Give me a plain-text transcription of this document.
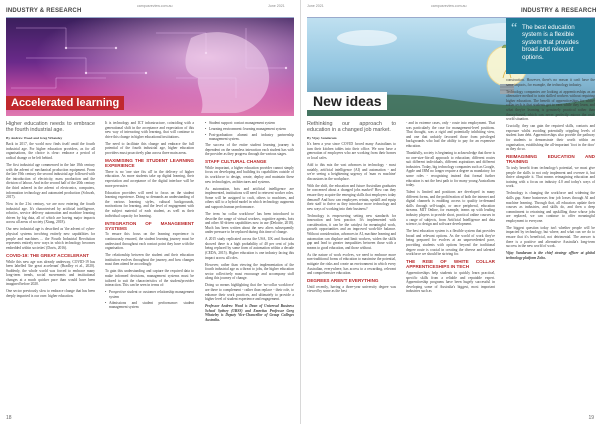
INDUSTRY & RESEARCH
campusreview.com.au	June 2021
Accelerated learning
Higher education needs to embrace the fourth industrial age.
By Andrew Wood and Greg Whateley

Back in 2017, the world now finds itself amid the fourth industrial age. For higher education providers, as for all organisations, the choice is clear: embrace a period of radical change or be left behind.

The first industrial age commenced in the late 18th century with the advent of mechanical production equipment. From the late 19th century the second industrial age followed with the introduction of electricity, mass production and the division of labour. And in the second half of the 20th century the third ushered in the advent of electronics, computers, information technology and automated production (Schwab, 2017).

Now in the 21st century, we are now entering the fourth industrial age. It's characterised by artificial intelligence, robotics, service delivery automation and machine learning driven by big data, all of which are having major impacts across all areas of society (Xiang, 2018).

Our new industrial age is described as 'the advent of cyber-physical systems involving entirely new capabilities for people and machines ... the Fourth Industrial Revolution represents entirely new ways in which technology becomes embedded within societies' (Davis, 2016).

COVID-19: THE GREAT ACCELERANT

While this new age was already underway, COVID-19 has been labelled 'the great accelerant' (Bradley et al., 2020). Suddenly, the whole world was forced to embrace many long-term trends, social movements and institutional changes at a much quicker pace than would have been imagined before 2020.

One sector previously slow to embrace change that has been deeply impacted is our own: higher education.

It is technology and ICT infrastructure, coinciding with a generational shift in the acceptance and expectation of this new way of interacting with learning, that will continue to drive this change in higher educational institutions.

The need to facilitate this change and embrace the full potential of the fourth industrial age, higher education providers must proactively plan across three main areas.

MAXIMISING THE STUDENT LEARNING EXPERIENCE

There is no 'one size fits all' in the delivery of higher education. As more students take up digital learning, their expectation and acceptance of the digital interface will be more pervasive.

Education providers will need to focus on the student learning experience. Doing so demands an understanding of the various learning styles, cultural backgrounds, motivations for learning, and the level of engagement with the subject material of each student, as well as their individual capacity for learning.

INTEGRATION OF MANAGEMENT SYSTEMS

To ensure this focus on the learning experience is continuously ensured, the student learning journey must be understood throughout each contact point they have with the organisation.

The relationship between the student and their education institution evolves throughout the journey, and how changes must then attend be accordingly.

To gain this understanding and capture the required data to make informed decisions, management systems must be tailored to suit the characteristics of the student/provider interaction. This can be seen in terms of:

• Prospective student or customer relationship management system
• Admissions and student performance: student management system
• Student support: contact management system
• Learning environment: learning management system
• Post-graduation: alumni and industry partnership management system.

The success of the entire student learning journey is dependent on the seamless interaction each student has with the provider as they progress through the various stages.

STAFF CULTURAL CHANGE

While important, a higher education provider cannot simply focus on developing and building its capabilities outside of its workforce to design, create, deploy and maintain these new technologies, architectures and systems.

As automation, bots and artificial intelligence are implemented, institutions will need to reinvent worker roles. Some will be assigned to craft, others to machines, and others still to a hybrid model in which technology augments and supports human performance.

The term 'no collar workforce' has been introduced to describe the range of virtual workers, cognitive agents, bots and other AI-driven capabilities now in use (Deloitte, 2018). Much has been written about the new alters subsequently under pressure to be replaced during this time of change.

A 2015 study replicated across the USA, UK and Australia showed there is a high probability of 40 per cent of jobs being replaced by some form of automation within a decade (CEDA, 2015). Higher education is one industry facing this impact across all roles.

However, rather than viewing the implementation of the fourth industrial age as a threat to jobs, the higher education sector collectively must encourage and accompany staff along this journey of change.

Doing so means highlighting that the 'no-collar workforce' are there to complement - rather than replace - their role, to enhance their work practices, and ultimately to provide a higher level of student experience and engagement.

Professor Andrew Wood is Dean of Universal Business School Sydney (UBSS) and Emeritus Professor Greg Whateley is Deputy Vice-Chancellor of Group Colleges Australia.

18
June 2021	campusreview.com.au
INDUSTRY & RESEARCH
New ideas
Rethinking our approach to education in a changed job market.
By Vijay Sundaram

It's been a year since COVID forced many Australians to turn their kitchen tables into their office. We now have a generation of employees who are working from their homes or local cafes.

Add to this mix the vast advances in technology - most notably, artificial intelligence (AI) and automation - and we're seeing a heightening urgency of 'man vs machine' discussions in the workplace.

With the shift, the education and future Australian graduates be concerned about a changed jobs market? How can they ensure they acquire the emerging skills that employers today demand? And how can employees retrain, upskill and equip their staff to thrive as they introduce more technology and new ways of working into their business?

Technology is empowering setting new standards for innovation and best practice. It's implemented with consideration, it can be the catalyst for meaningful work, growth opportunities and an improved work-life balance. Without consideration, advances in AI, machine learning and automation can displace and limit workers, widen the skills gap and lead to greater inequalities between those with a means to good education, and those without.

As the nature of work evolves, we need to embrace more non-traditional forms of education to maximise the potential, mitigate the risks and create an environment in which every Australian, everywhere, has access to a rewarding, relevant and comprehensive education.

DEGREES AREN'T EVERYTHING

Until recently, having a three-year university degree was viewed by some as the best

- and in extreme cases, only - route into employment. That was particularly the case for management-level positions. That thought, was a rigid and potentially inhibiting view, and one that unfairly favoured those from privileged backgrounds who had the ability to pay for an expensive education.

Thankfully, society is beginning to acknowledge that there is no one-size-fits-all approach to education; different routes suit different individuals, different aspirations and different industries. Today, big technology companies such as Google, Apple and IBM no longer require a degree as mandatory for some roles - recognising instead that formal further education is not the best path to for many young Australians today.

Talent is limited and positions are developed in many different forms, and the proliferation of both the internet and digital channels is enabling access to quality in-demand skills through self-taught, or once peripheral, education streams. MIT Online, for example, teams up with leading industry players to provide short, practical online courses in a range of subjects, from Artificial Intelligence and data science, to design and software development.

The best education system is a flexible system that provides broad and relevant options. As the world of work they're being prepared for evolves at an unprecedented pace, providing students with options beyond the traditional degree route is crucial in creating the diverse and talented workforce we should be striving for.

THE RISE OF WHITE COLLAR APPRENTICESHIPS IN TECH

Apprenticeships help students to quickly learn practical, specific skills from a reliable and reputable expert. Apprenticeship programs have been hugely successful in developing some of Australia's biggest, most important industries such as

“ The best education system is a flexible system that provides broad and relevant options.

construction. However, there's no reason it can't have the same impacts, for example, the technology industry.

Technology companies are looking at apprenticeships as an alternative method to train skilled workers without requiring higher education. The benefit of apprenticeships for white-collar tech is that students get to earn while they learn, and what they're learning is genuinely practical rather than theory-based, which can never perfectly mirror the real-world situation.

Crucially, they can gain the required skills, contacts and exposure whilst avoiding potentially crippling levels of student loan debt. Apprenticeships also provide the pathway for students to demonstrate their worth within an organisation, establishing the all-important 'foot in the door' as they do so.

REIMAGINING EDUCATION AND TRAINING

To truly benefit from technology's potential, we must give people the skills to not only implement and oversee it, but thrive alongside it. That means reimagining education and training with a focus on industry 4.0 and today's ways of work.

Technology is changing the workforce and widening the skills gap. Some businesses fear job losses through AI and machine learning. Through that, all educators update their courses as industries, and skills do, and then a deep commitment to retraining and upskilling those whose jobs are replaced, we can continue to offer meaningful employment to everyone.

The biggest question today isn't whether people will be impacted by technology, but where, and what can we do to ensure that it's beneficial, not detrimental. The answer is there is a positive and alternative Australia's long-term success in the new world of work.

Vijay Sundaram is the chief strategy officer at global technology platform Zoho.

19
